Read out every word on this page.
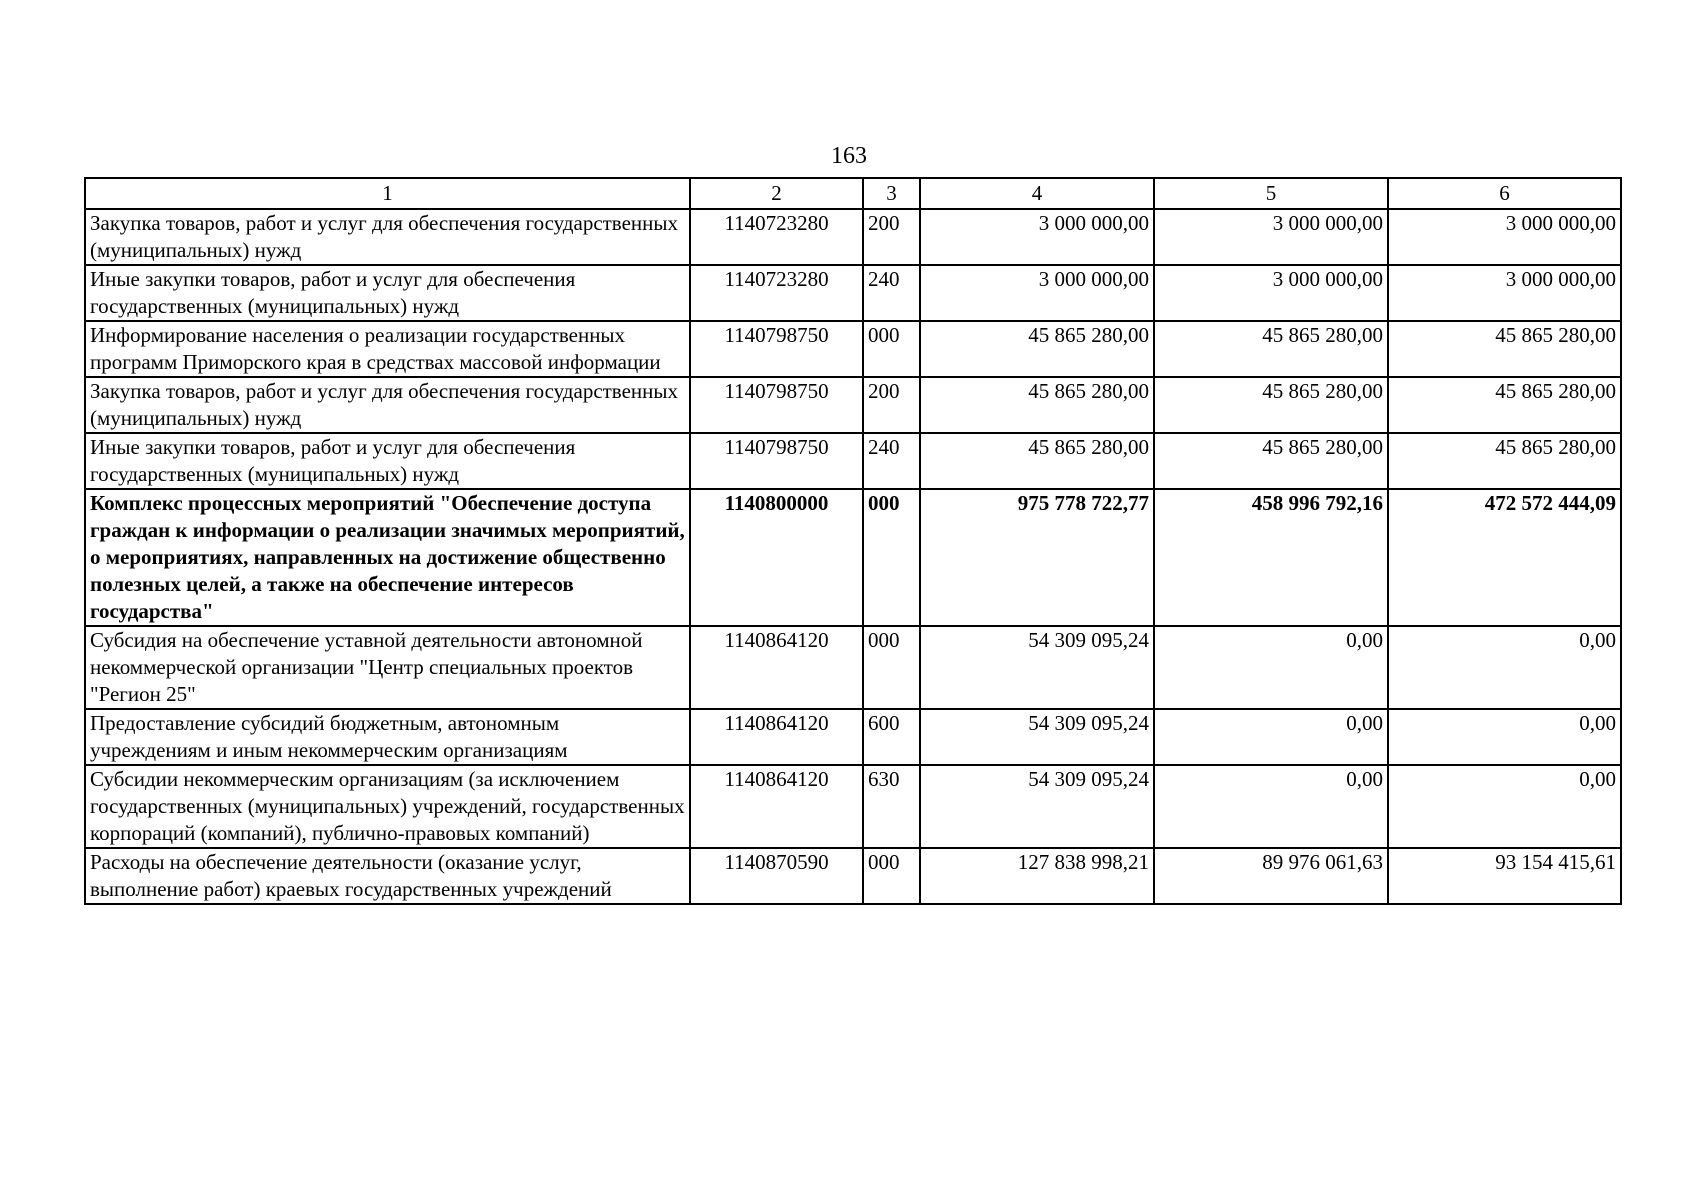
163
1	2	3	4	5	6
Закупка товаров, работ и услуг для обеспечения государственных (муниципальных) нужд	1140723280	200	3 000 000,00	3 000 000,00	3 000 000,00
Иные закупки товаров, работ и услуг для обеспечения государственных (муниципальных) нужд	1140723280	240	3 000 000,00	3 000 000,00	3 000 000,00
Информирование населения о реализации государственных программ Приморского края в средствах массовой информации	1140798750	000	45 865 280,00	45 865 280,00	45 865 280,00
Закупка товаров, работ и услуг для обеспечения государственных (муниципальных) нужд	1140798750	200	45 865 280,00	45 865 280,00	45 865 280,00
Иные закупки товаров, работ и услуг для обеспечения государственных (муниципальных) нужд	1140798750	240	45 865 280,00	45 865 280,00	45 865 280,00
Комплекс процессных мероприятий "Обеспечение доступа граждан к информации о реализации значимых мероприятий, о мероприятиях, направленных на достижение общественно полезных целей, а также на обеспечение интересов государства"	1140800000	000	975 778 722,77	458 996 792,16	472 572 444,09
Субсидия на обеспечение уставной деятельности автономной некоммерческой организации "Центр специальных проектов "Регион 25"	1140864120	000	54 309 095,24	0,00	0,00
Предоставление субсидий бюджетным, автономным учреждениям и иным некоммерческим организациям	1140864120	600	54 309 095,24	0,00	0,00
Субсидии некоммерческим организациям (за исключением государственных (муниципальных) учреждений, государственных корпораций (компаний), публично-правовых компаний)	1140864120	630	54 309 095,24	0,00	0,00
Расходы на обеспечение деятельности (оказание услуг, выполнение работ) краевых государственных учреждений	1140870590	000	127 838 998,21	89 976 061,63	93 154 415,61
